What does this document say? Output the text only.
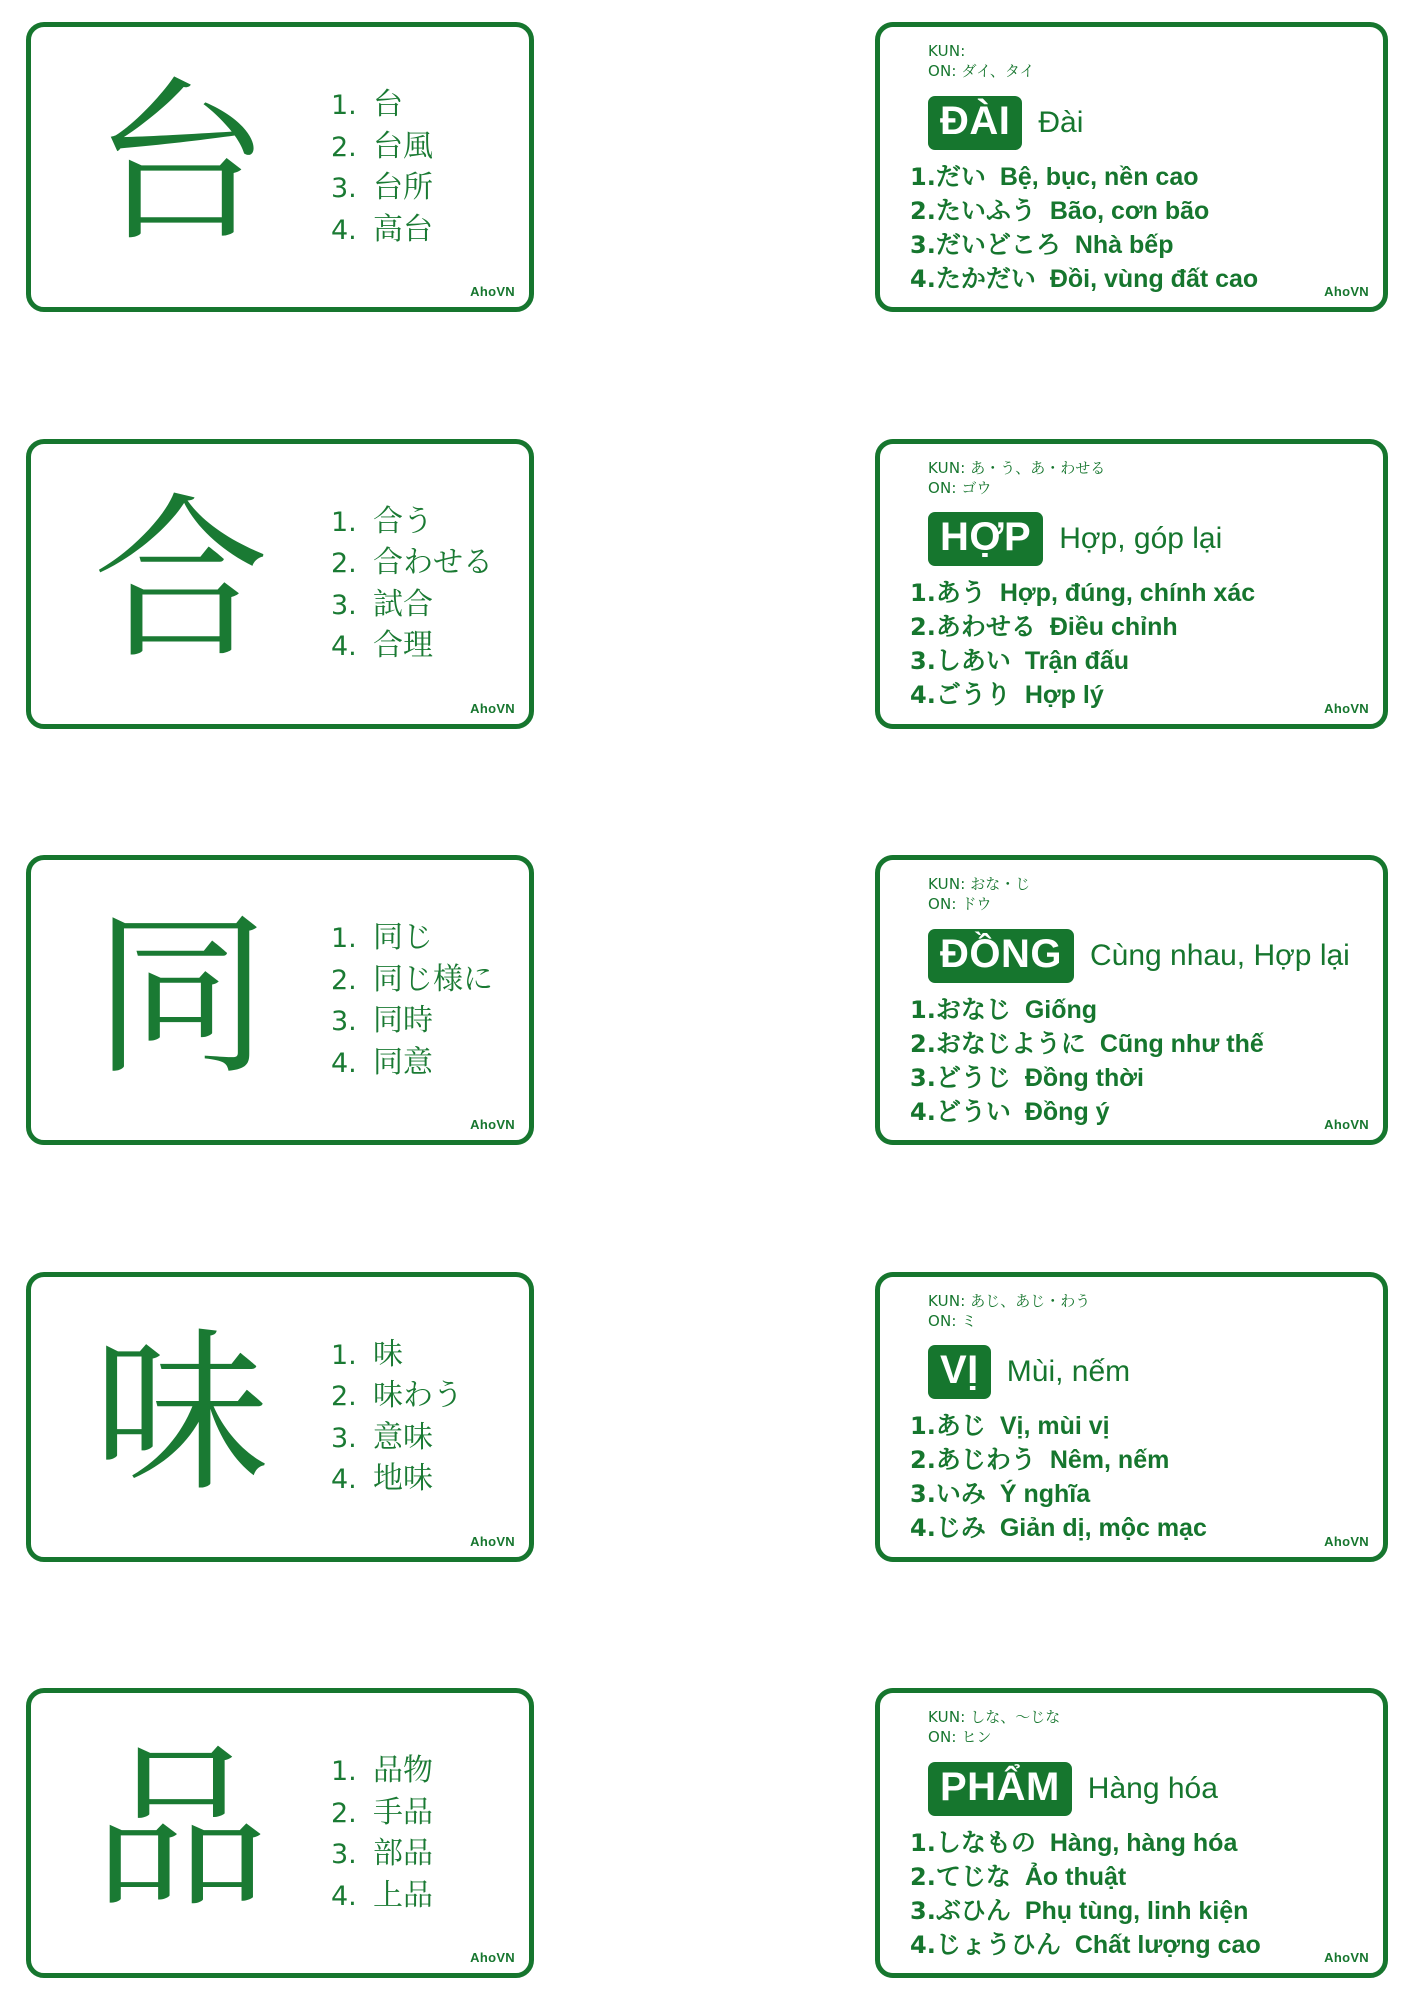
台	1. 台
2. 台風
3. 台所
4. 高台
AhoVN
KUN:
ON: ダイ、タイ
ĐÀI Đài
1.だい Bệ, bục, nền cao
2.たいふう Bão, cơn bão
3.だいどころ Nhà bếp
4.たかだい Đồi, vùng đất cao	AhoVN
合	1. 合う
2. 合わせる
3. 試合
4. 合理
AhoVN
KUN: あ・う、あ・わせる
ON: ゴウ
HỢP Hợp, góp lại
1.あう Hợp, đúng, chính xác
2.あわせる Điều chỉnh
3.しあい Trận đấu
4.ごうり Hợp lý	AhoVN
同	1. 同じ
2. 同じ様に
3. 同時
4. 同意
AhoVN
KUN: おな・じ
ON: ドウ
ĐỒNG Cùng nhau, Hợp lại
1.おなじ Giống
2.おなじように Cũng như thế
3.どうじ Đồng thời
4.どうい Đồng ý	AhoVN
味	1. 味
2. 味わう
3. 意味
4. 地味
AhoVN
KUN: あじ、あじ・わう
ON: ミ
VỊ Mùi, nếm
1.あじ Vị, mùi vị
2.あじわう Nêm, nếm
3.いみ Ý nghĩa
4.じみ Giản dị, mộc mạc	AhoVN
品	1. 品物
2. 手品
3. 部品
4. 上品
AhoVN
KUN: しな、〜じな
ON: ヒン
PHẨM Hàng hóa
1.しなもの Hàng, hàng hóa
2.てじな Ảo thuật
3.ぶひん Phụ tùng, linh kiện
4.じょうひん Chất lượng cao	AhoVN
